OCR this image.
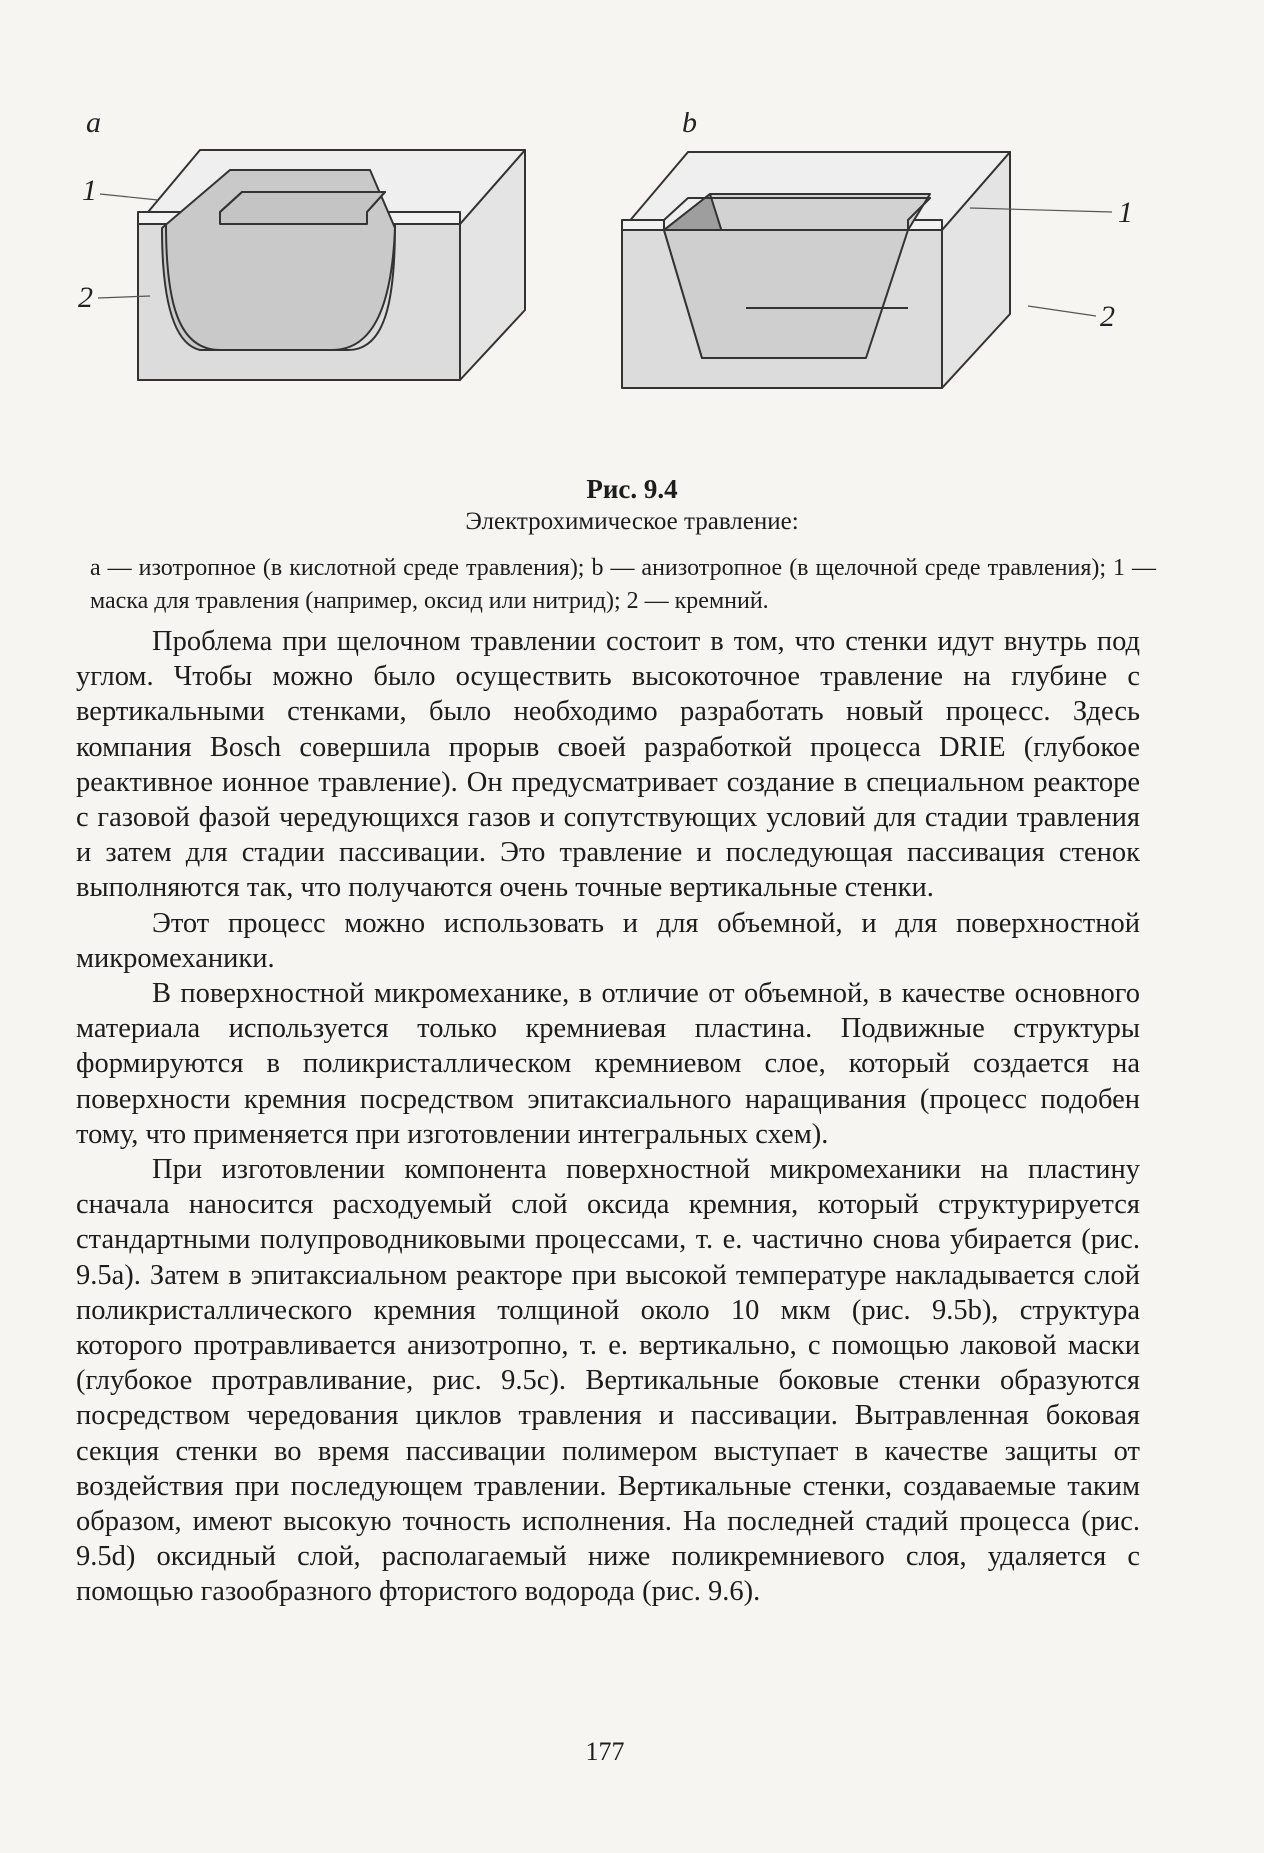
a
1
2
b
1
2
Рис. 9.4
Электрохимическое травление:

a — изотропное (в кислотной среде травления); b — анизотропное (в щелочной среде травления); 1 — маска для травления (например, оксид или нитрид); 2 — кремний.

Проблема при щелочном травлении состоит в том, что стенки идут внутрь под углом. Чтобы можно было осуществить высокоточное травление на глубине с вертикальными стенками, было необходимо разработать новый процесс. Здесь компания Bosch совершила прорыв своей разработкой процесса DRIE (глубокое реактивное ионное травление). Он предусматривает создание в специальном реакторе с газовой фазой чередующихся газов и сопутствующих условий для стадии травления и затем для стадии пассивации. Это травление и последующая пассивация стенок выполняются так, что получаются очень точные вертикальные стенки.

Этот процесс можно использовать и для объемной, и для поверхностной микромеханики.

В поверхностной микромеханике, в отличие от объемной, в качестве основного материала используется только кремниевая пластина. Подвижные структуры формируются в поликристаллическом кремниевом слое, который создается на поверхности кремния посредством эпитаксиального наращивания (процесс подобен тому, что применяется при изготовлении интегральных схем).

При изготовлении компонента поверхностной микромеханики на пластину сначала наносится расходуемый слой оксида кремния, который структурируется стандартными полупроводниковыми процессами, т. е. частично снова убирается (рис. 9.5a). Затем в эпитаксиальном реакторе при высокой температуре накладывается слой поликристаллического кремния толщиной около 10 мкм (рис. 9.5b), структура которого протравливается анизотропно, т. е. вертикально, с помощью лаковой маски (глубокое протравливание, рис. 9.5c). Вертикальные боковые стенки образуются посредством чередования циклов травления и пассивации. Вытравленная боковая секция стенки во время пассивации полимером выступает в качестве защиты от воздействия при последующем травлении. Вертикальные стенки, создаваемые таким образом, имеют высокую точность исполнения. На последней стадий процесса (рис. 9.5d) оксидный слой, располагаемый ниже поликремниевого слоя, удаляется с помощью газообразного фтористого водорода (рис. 9.6).

177
